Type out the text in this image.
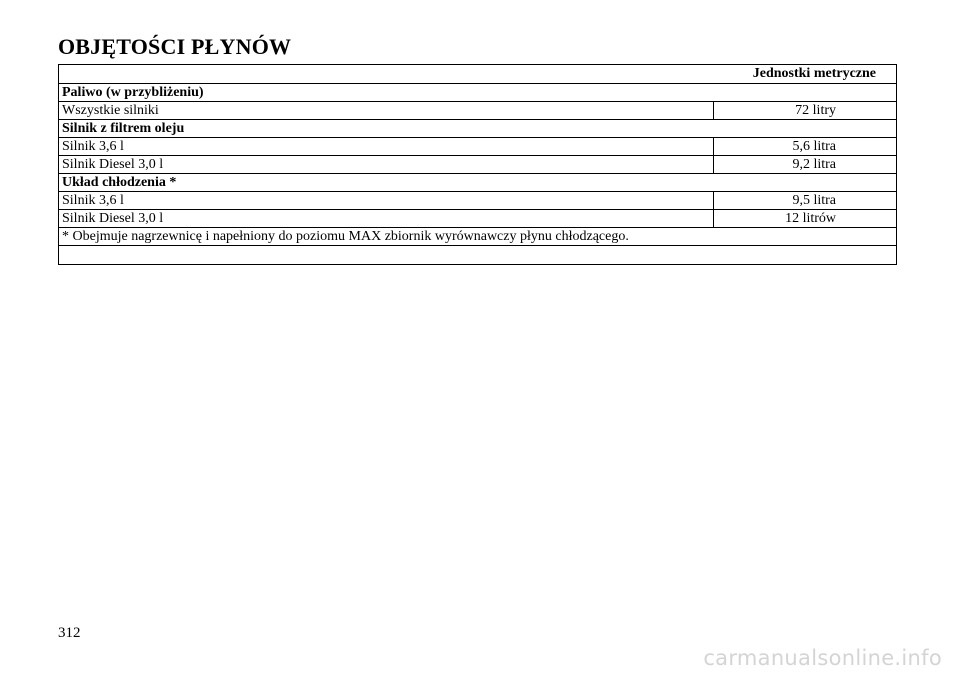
OBJĘTOŚCI PŁYNÓW
Jednostki metryczne	
Paliwo (w przybliżeniu)	
Wszystkie silniki	72 litry
Silnik z filtrem oleju	
Silnik 3,6 l	5,6 litra
Silnik Diesel 3,0 l	9,2 litra
Układ chłodzenia *	
Silnik 3,6 l	9,5 litra
Silnik Diesel 3,0 l	12 litrów
* Obejmuje nagrzewnicę i napełniony do poziomu MAX zbiornik wyrównawczy płynu chłodzącego.	

312
carmanualsonline.info
